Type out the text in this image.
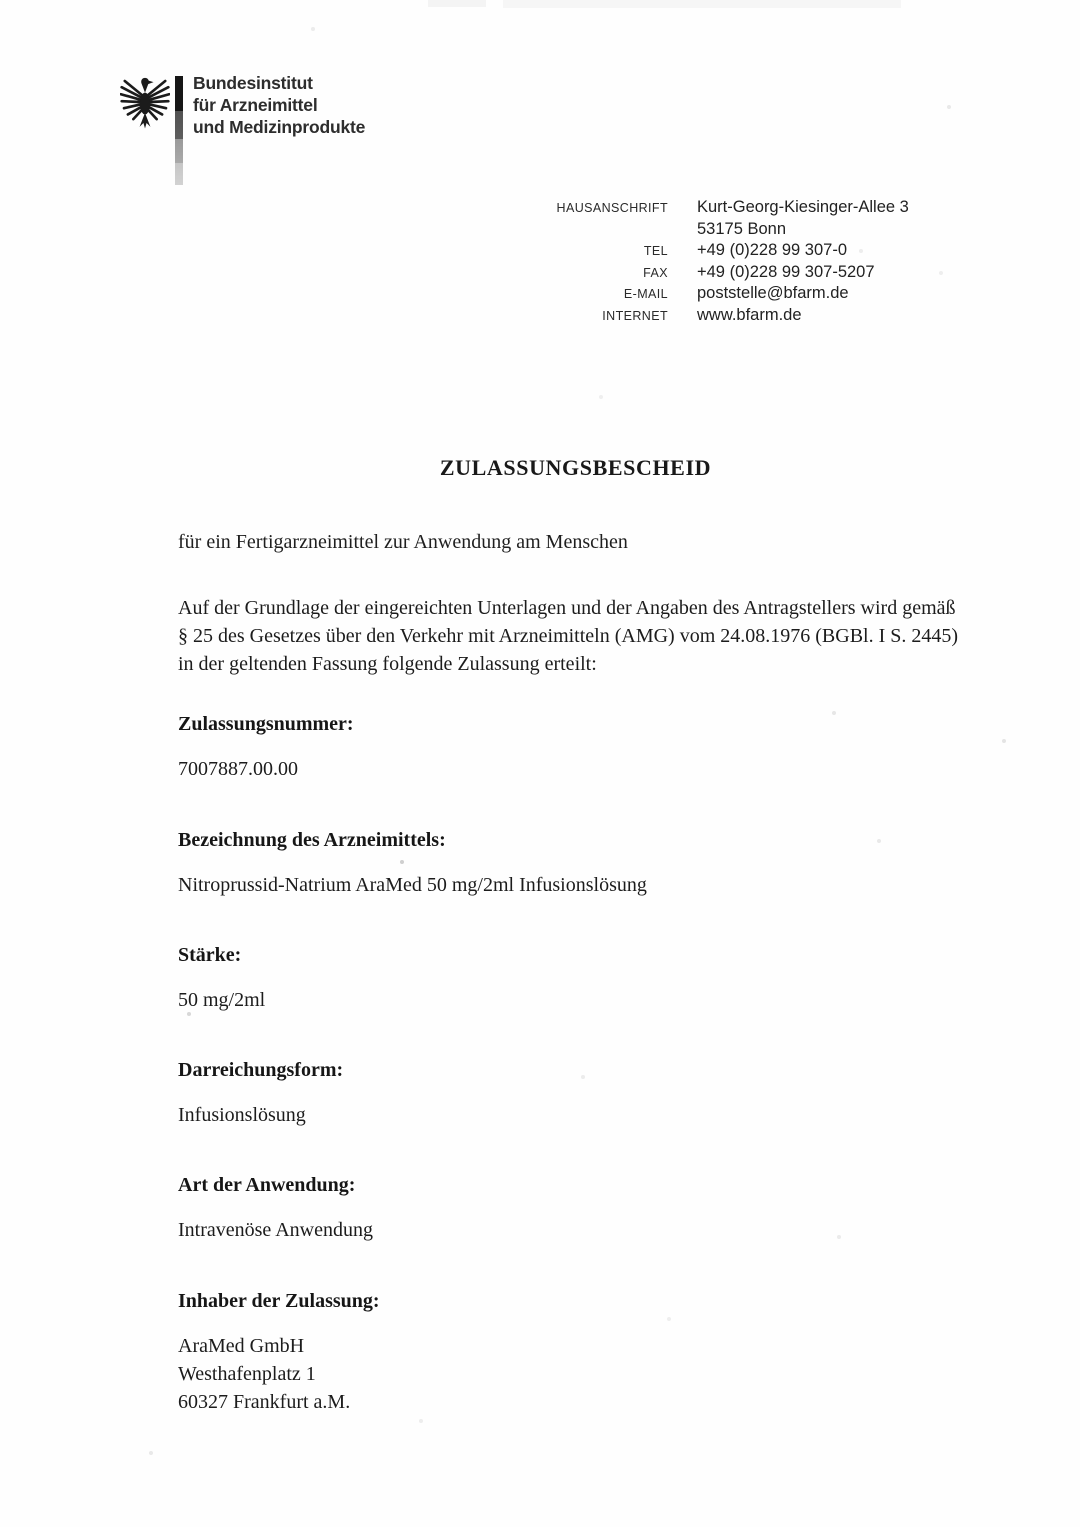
Bundesinstitut
für Arzneimittel
und Medizinprodukte
HAUSANSCHRIFT Kurt-Georg-Kiesinger-Allee 3
53175 Bonn
TEL +49 (0)228 99 307-0
FAX +49 (0)228 99 307-5207
E-MAIL poststelle@bfarm.de
INTERNET www.bfarm.de
ZULASSUNGSBESCHEID
für ein Fertigarzneimittel zur Anwendung am Menschen
Auf der Grundlage der eingereichten Unterlagen und der Angaben des Antragstellers wird gemäß
§ 25 des Gesetzes über den Verkehr mit Arzneimitteln (AMG) vom 24.08.1976 (BGBl. I S. 2445)
in der geltenden Fassung folgende Zulassung erteilt:
Zulassungsnummer:

7007887.00.00

Bezeichnung des Arzneimittels:

Nitroprussid-Natrium AraMed 50 mg/2ml Infusionslösung

Stärke:

50 mg/2ml

Darreichungsform:

Infusionslösung

Art der Anwendung:

Intravenöse Anwendung

Inhaber der Zulassung:

AraMed GmbH

Westhafenplatz 1

60327 Frankfurt a.M.
